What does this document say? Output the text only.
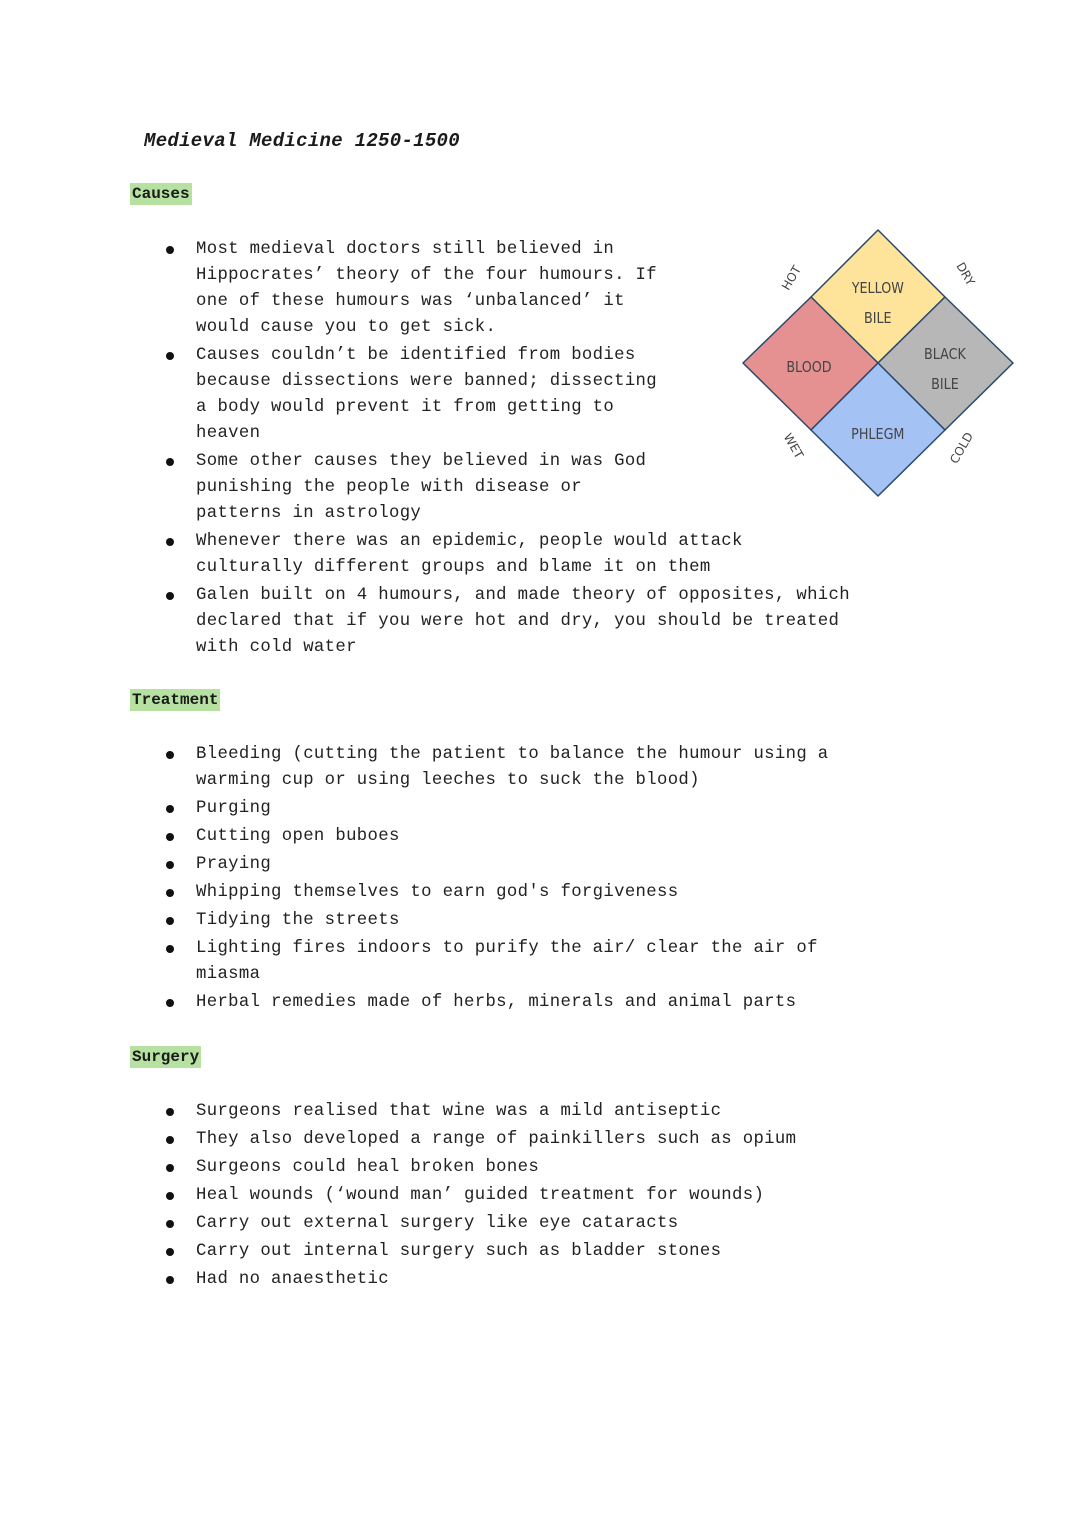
Medieval Medicine 1250-1500
Causes
Most medieval doctors still believed in
Hippocrates’ theory of the four humours. If
one of these humours was ‘unbalanced’ it
would cause you to get sick.
Causes couldn’t be identified from bodies
because dissections were banned; dissecting
a body would prevent it from getting to
heaven
Some other causes they believed in was God
punishing the people with disease or
patterns in astrology
Whenever there was an epidemic, people would attack
culturally different groups and blame it on them
Galen built on 4 humours, and made theory of opposites, which
declared that if you were hot and dry, you should be treated
with cold water
YELLOW
BILE
BLOOD
BLACK
BILE
PHLEGM
HOT	DRY
WET	COLD
Treatment
Bleeding (cutting the patient to balance the humour using a
warming cup or using leeches to suck the blood)
Purging
Cutting open buboes
Praying
Whipping themselves to earn god's forgiveness
Tidying the streets
Lighting fires indoors to purify the air/ clear the air of
miasma
Herbal remedies made of herbs, minerals and animal parts
Surgery
Surgeons realised that wine was a mild antiseptic
They also developed a range of painkillers such as opium
Surgeons could heal broken bones
Heal wounds (‘wound man’ guided treatment for wounds)
Carry out external surgery like eye cataracts
Carry out internal surgery such as bladder stones
Had no anaesthetic
